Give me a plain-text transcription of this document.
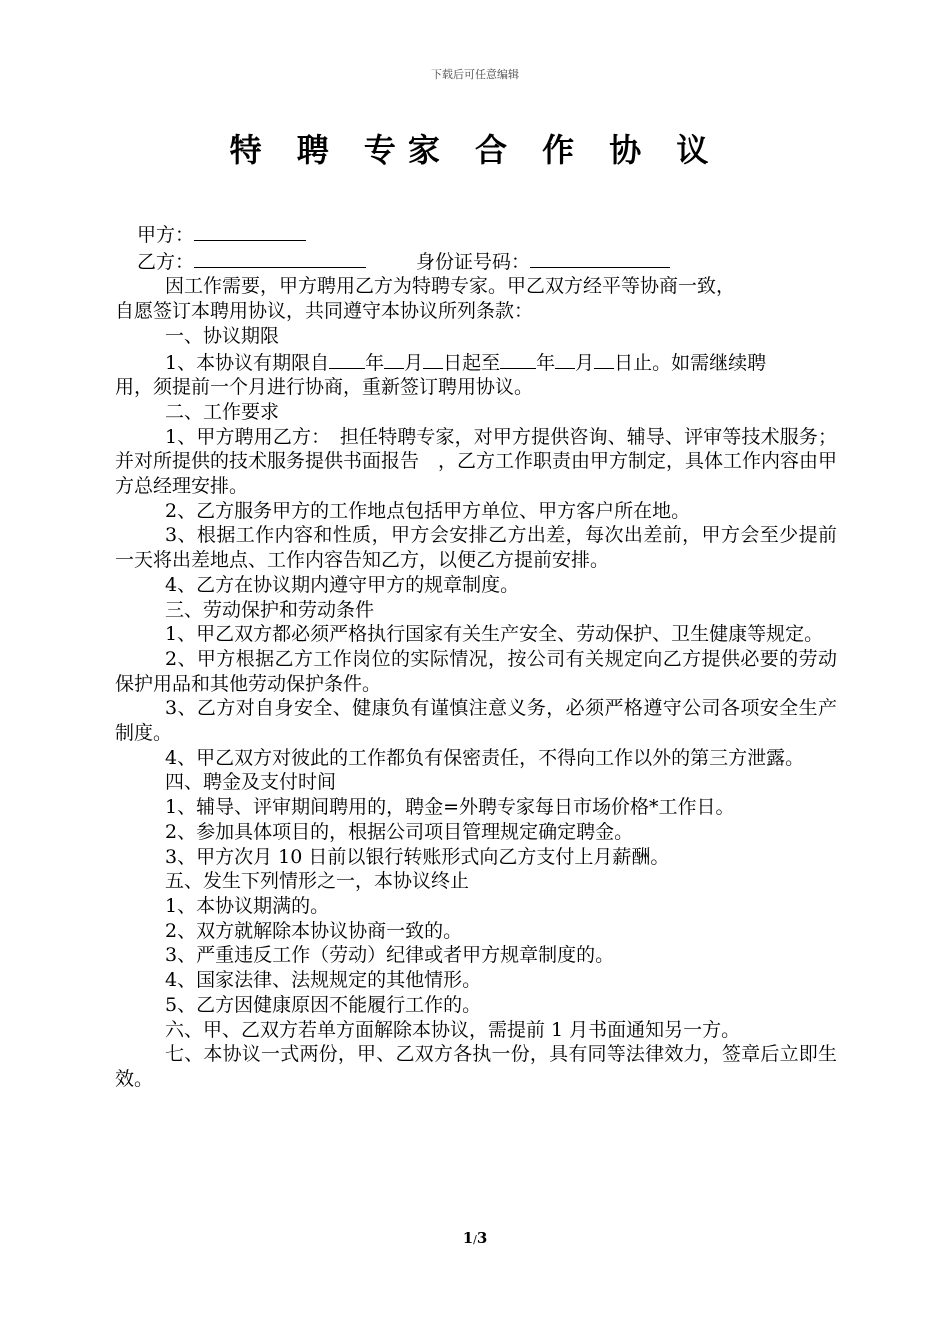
下载后可任意编辑
特 聘 专家 合 作 协 议

甲方：

乙方：	身份证号码：

因工作需要，甲方聘用乙方为特聘专家。甲乙双方经平等协商一致，

自愿签订本聘用协议，共同遵守本协议所列条款：

一、协议期限

1、本协议有期限自 年 月 日起至 年 月 日止。如需继续聘

用，须提前一个月进行协商，重新签订聘用协议。

二、工作要求

1、甲方聘用乙方：　担任特聘专家，对甲方提供咨询、辅导、评审等技术服务；并对所提供的技术服务提供书面报告　，乙方工作职责由甲方制定，具体工作内容由甲方总经理安排。

2、乙方服务甲方的工作地点包括甲方单位、甲方客户所在地。

3、根据工作内容和性质，甲方会安排乙方出差，每次出差前，甲方会至少提前一天将出差地点、工作内容告知乙方，以便乙方提前安排。

4、乙方在协议期内遵守甲方的规章制度。

三、劳动保护和劳动条件

1、甲乙双方都必须严格执行国家有关生产安全、劳动保护、卫生健康等规定。

2、甲方根据乙方工作岗位的实际情况，按公司有关规定向乙方提供必要的劳动保护用品和其他劳动保护条件。

3、乙方对自身安全、健康负有谨慎注意义务，必须严格遵守公司各项安全生产制度。

4、甲乙双方对彼此的工作都负有保密责任，不得向工作以外的第三方泄露。

四、聘金及支付时间

1、辅导、评审期间聘用的，聘金=外聘专家每日市场价格*工作日。

2、参加具体项目的，根据公司项目管理规定确定聘金。

3、甲方次月 10 日前以银行转账形式向乙方支付上月薪酬。

五、发生下列情形之一，本协议终止

1、本协议期满的。

2、双方就解除本协议协商一致的。

3、严重违反工作（劳动）纪律或者甲方规章制度的。

4、国家法律、法规规定的其他情形。

5、乙方因健康原因不能履行工作的。

六、甲、乙双方若单方面解除本协议，需提前 1 月书面通知另一方。

七、本协议一式两份，甲、乙双方各执一份，具有同等法律效力，签章后立即生效。

1/3
